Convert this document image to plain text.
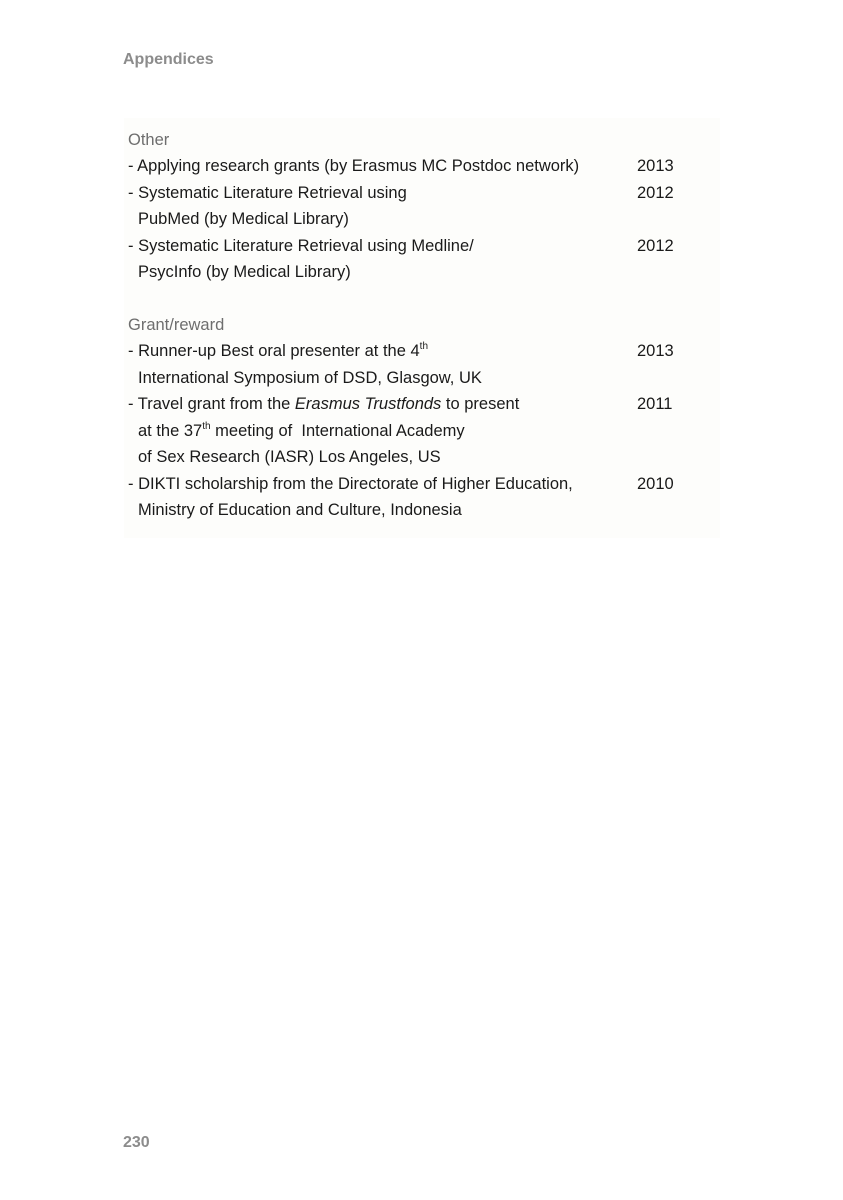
Appendices
Other
- Applying research grants (by Erasmus MC Postdoc network)	2013
- Systematic Literature Retrieval using
PubMed (by Medical Library)
2012
- Systematic Literature Retrieval using Medline/
PsycInfo (by Medical Library)
2012
Grant/reward
- Runner-up Best oral presenter at the 4th
International Symposium of DSD, Glasgow, UK
2013
- Travel grant from the Erasmus Trustfonds to present
at the 37th meeting of  International Academy
of Sex Research (IASR) Los Angeles, US
2011
- DIKTI scholarship from the Directorate of Higher Education,
Ministry of Education and Culture, Indonesia
2010
230
